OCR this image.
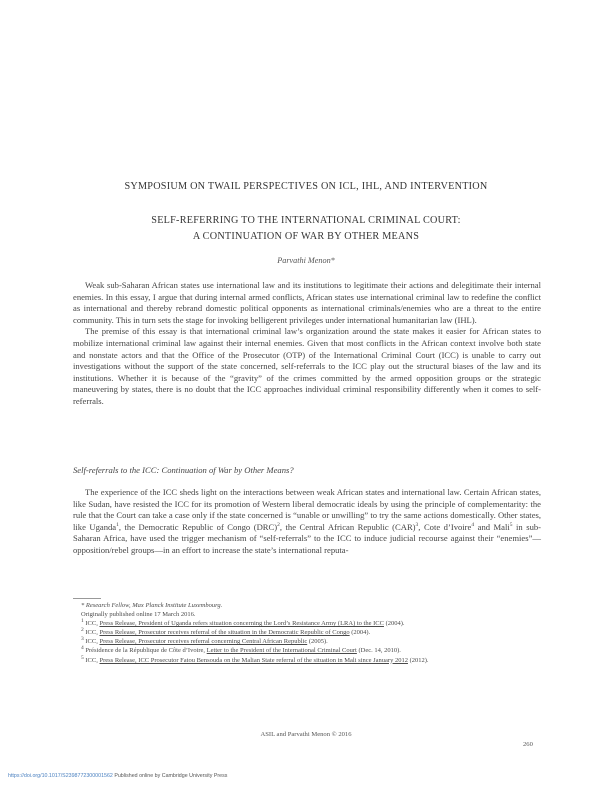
SYMPOSIUM ON TWAIL PERSPECTIVES ON ICL, IHL, AND INTERVENTION
SELF-REFERRING TO THE INTERNATIONAL CRIMINAL COURT:
A CONTINUATION OF WAR BY OTHER MEANS
Parvathi Menon*

Weak sub-Saharan African states use international law and its institutions to legitimate their actions and delegitimate their internal enemies. In this essay, I argue that during internal armed conflicts, African states use international criminal law to redefine the conflict as international and thereby rebrand domestic political opponents as international criminals/enemies who are a threat to the entire community. This in turn sets the stage for invoking belligerent privileges under international humanitarian law (IHL).

The premise of this essay is that international criminal law’s organization around the state makes it easier for African states to mobilize international criminal law against their internal enemies. Given that most conflicts in the African context involve both state and nonstate actors and that the Office of the Prosecutor (OTP) of the International Criminal Court (ICC) is unable to carry out investigations without the support of the state concerned, self-referrals to the ICC play out the structural biases of the law and its institutions. Whether it is because of the “gravity” of the crimes committed by the armed opposition groups or the strategic maneuvering by states, there is no doubt that the ICC approaches individual criminal responsibility differently when it comes to self-referrals.

Self-referrals to the ICC: Continuation of War by Other Means?

The experience of the ICC sheds light on the interactions between weak African states and international law. Certain African states, like Sudan, have resisted the ICC for its promotion of Western liberal democratic ideals by using the principle of complementarity: the rule that the Court can take a case only if the state concerned is “unable or unwilling” to try the same actions domestically. Other states, like Uganda$^1$, the Democratic Republic of Congo (DRC)$^2$, the Central African Republic (CAR)$^3$, Cote d’Ivoire$^4$ and Mali$^5$ in sub-Saharan Africa, have used the trigger mechanism of “self-referrals” to the ICC to induce judicial recourse against their “enemies”—opposition/rebel groups—in an effort to increase the state’s international reputa-

* Research Fellow, Max Planck Institute Luxembourg.
Originally published online 17 March 2016.
$^1$ ICC, Press Release, President of Uganda refers situation concerning the Lord’s Resistance Army (LRA) to the ICC (2004).
$^2$ ICC, Press Release, Prosecutor receives referral of the situation in the Democratic Republic of Congo (2004).
$^3$ ICC, Press Release, Prosecutor receives referral concerning Central African Republic (2005).
$^4$ Présidence de la République de Côte d’Ivoire, Letter to the President of the International Criminal Court (Dec. 14, 2010).
$^5$ ICC, Press Release, ICC Prosecutor Fatou Bensouda on the Malian State referral of the situation in Mali since January 2012 (2012).
ASIL and Parvathi Menon © 2016
260
https://doi.org/10.1017/S2398772300001562 Published online by Cambridge University Press
